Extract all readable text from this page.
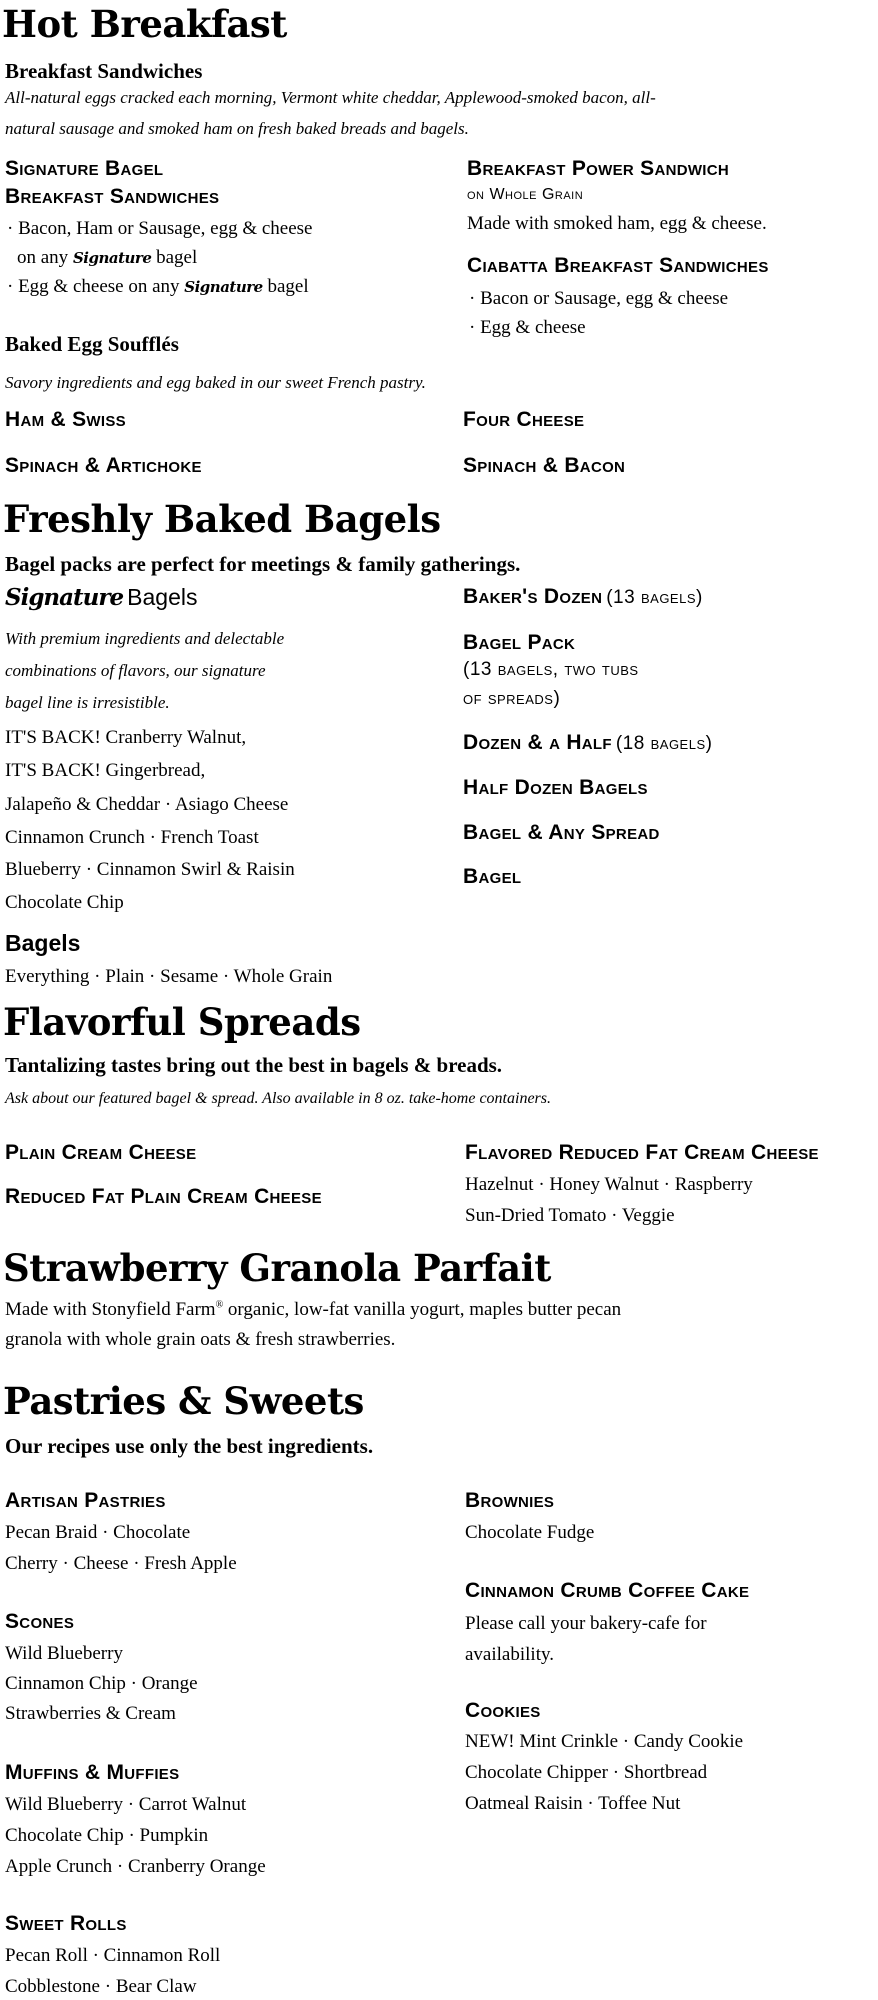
Hot Breakfast
Breakfast Sandwiches
All-natural eggs cracked each morning, Vermont white cheddar, Applewood-smoked bacon, all-
natural sausage and smoked ham on fresh baked breads and bagels.
Signature Bagel
Breakfast Sandwiches
· Bacon, Ham or Sausage, egg & cheese
on any Signature bagel
· Egg & cheese on any Signature bagel
Breakfast Power Sandwich
on Whole Grain
Made with smoked ham, egg & cheese.
Ciabatta Breakfast Sandwiches
· Bacon or Sausage, egg & cheese
· Egg & cheese
Baked Egg Soufflés
Savory ingredients and egg baked in our sweet French pastry.
Ham & Swiss	Four Cheese
Spinach & Artichoke	Spinach & Bacon
Freshly Baked Bagels
Bagel packs are perfect for meetings & family gatherings.
Signature Bagels
With premium ingredients and delectable
combinations of flavors, our signature
bagel line is irresistible.
IT'S BACK! Cranberry Walnut,
IT'S BACK! Gingerbread,
Jalapeño & Cheddar · Asiago Cheese
Cinnamon Crunch · French Toast
Blueberry · Cinnamon Swirl & Raisin
Chocolate Chip
Bagels
Everything · Plain · Sesame · Whole Grain
Baker's Dozen (13 bagels)
Bagel Pack
(13 bagels, two tubs
of spreads)
Dozen & a Half (18 bagels)
Half Dozen Bagels
Bagel & Any Spread
Bagel
Flavorful Spreads
Tantalizing tastes bring out the best in bagels & breads.
Ask about our featured bagel & spread. Also available in 8 oz. take-home containers.
Plain Cream Cheese
Reduced Fat Plain Cream Cheese
Flavored Reduced Fat Cream Cheese
Hazelnut · Honey Walnut · Raspberry
Sun-Dried Tomato · Veggie
Strawberry Granola Parfait
Made with Stonyfield Farm® organic, low-fat vanilla yogurt, maples butter pecan
granola with whole grain oats & fresh strawberries.
Pastries & Sweets
Our recipes use only the best ingredients.
Artisan Pastries
Pecan Braid · Chocolate
Cherry · Cheese · Fresh Apple
Scones
Wild Blueberry
Cinnamon Chip · Orange
Strawberries & Cream
Muffins & Muffies
Wild Blueberry · Carrot Walnut
Chocolate Chip · Pumpkin
Apple Crunch · Cranberry Orange
Sweet Rolls
Pecan Roll · Cinnamon Roll
Cobblestone · Bear Claw
Brownies
Chocolate Fudge
Cinnamon Crumb Coffee Cake
Please call your bakery-cafe for
availability.
Cookies
NEW! Mint Crinkle · Candy Cookie
Chocolate Chipper · Shortbread
Oatmeal Raisin · Toffee Nut
